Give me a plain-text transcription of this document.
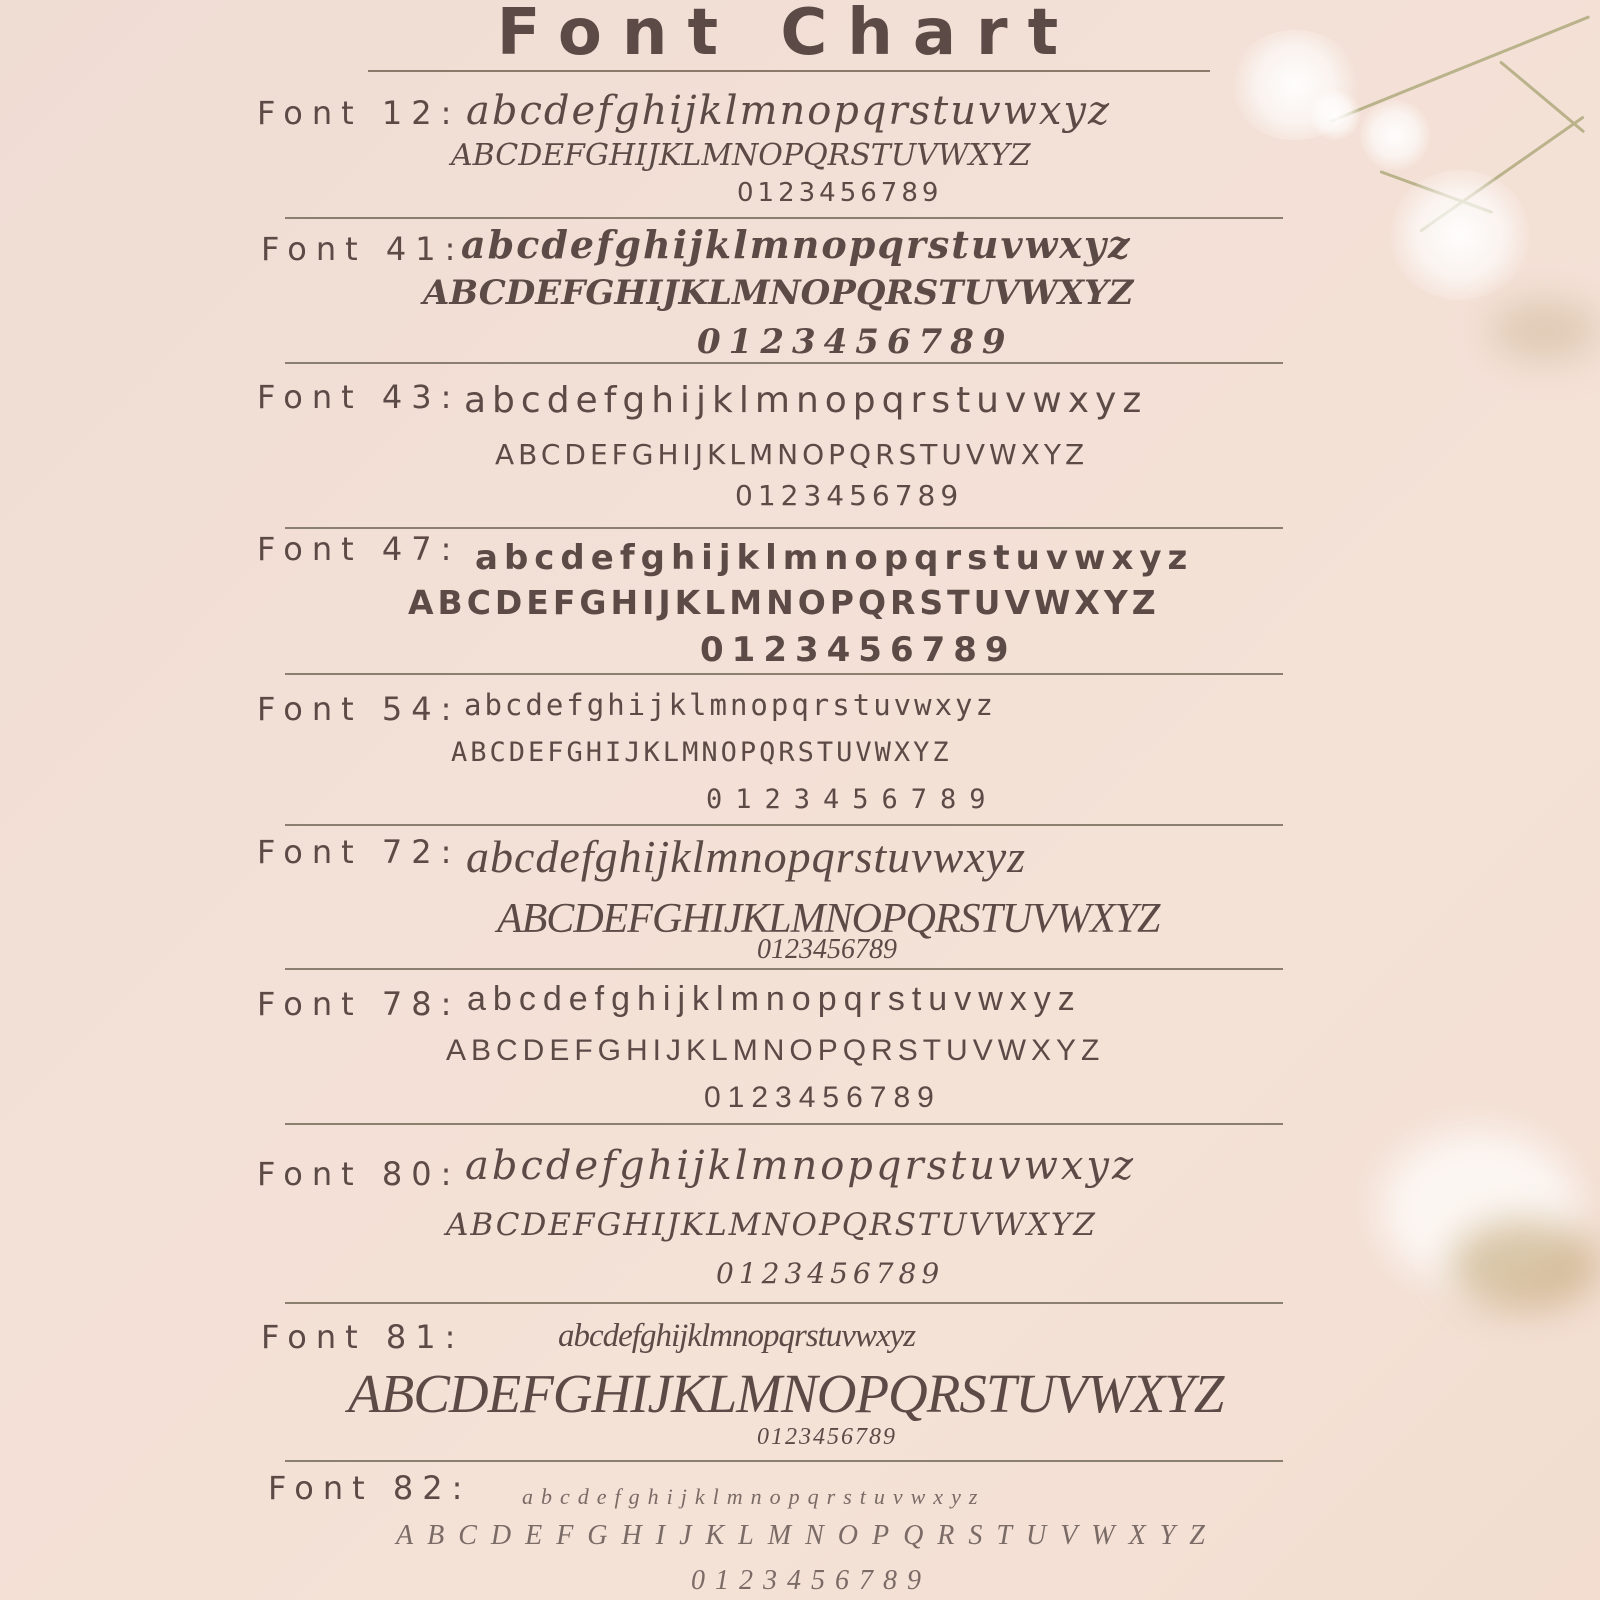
Font Chart
Font 12: abcdefghijklmnopqrstuvwxyz
ABCDEFGHIJKLMNOPQRSTUVWXYZ
0123456789
Font 41:
abcdefghijklmnopqrstuvwxyz
ABCDEFGHIJKLMNOPQRSTUVWXYZ
0123456789
Font 43: abcdefghijklmnopqrstuvwxyz
ABCDEFGHIJKLMNOPQRSTUVWXYZ
0123456789
Font 47: abcdefghijklmnopqrstuvwxyz
ABCDEFGHIJKLMNOPQRSTUVWXYZ
0123456789
Font 54: abcdefghijklmnopqrstuvwxyz
ABCDEFGHIJKLMNOPQRSTUVWXYZ
0123456789
Font 72: abcdefghijklmnopqrstuvwxyz
ABCDEFGHIJKLMNOPQRSTUVWXYZ
0123456789
Font 78: abcdefghijklmnopqrstuvwxyz
ABCDEFGHIJKLMNOPQRSTUVWXYZ
0123456789
Font 80: abcdefghijklmnopqrstuvwxyz
ABCDEFGHIJKLMNOPQRSTUVWXYZ
0123456789
Font 81:	abcdefghijklmnopqrstuvwxyz
ABCDEFGHIJKLMNOPQRSTUVWXYZ
0123456789
Font 82: abcdefghijklmnopqrstuvwxyz
ABCDEFGHIJKLMNOPQRSTUVWXYZ
0123456789
